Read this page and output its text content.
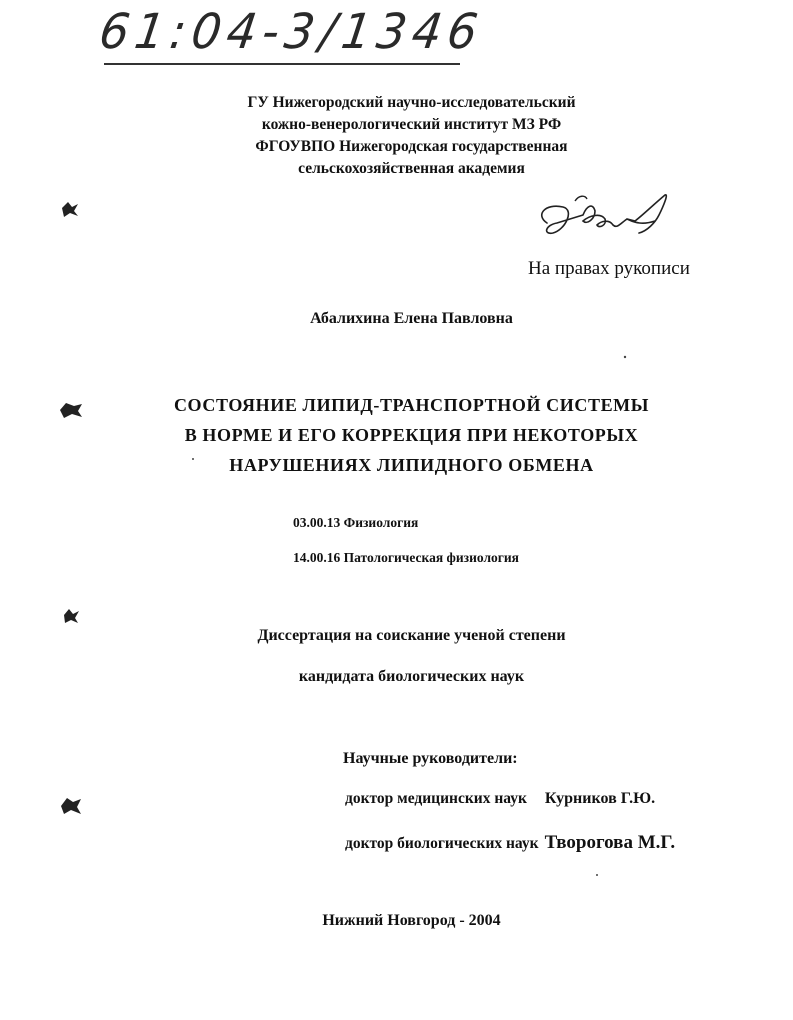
61:04-3/1346
ГУ Нижегородский научно-исследовательский
кожно-венерологический институт МЗ РФ
ФГОУВПО Нижегородская государственная
сельскохозяйственная академия
На правах рукописи
Абалихина Елена Павловна
СОСТОЯНИЕ ЛИПИД-ТРАНСПОРТНОЙ СИСТЕМЫ
В НОРМЕ И ЕГО КОРРЕКЦИЯ ПРИ НЕКОТОРЫХ
НАРУШЕНИЯХ ЛИПИДНОГО ОБМЕНА
03.00.13 Физиология
14.00.16 Патологическая физиология
Диссертация на соискание ученой степени
кандидата биологических наук
Научные руководители:
доктор медицинских наук Курников Г.Ю.
доктор биологических наук Творогова М.Г.
Нижний Новгород - 2004
